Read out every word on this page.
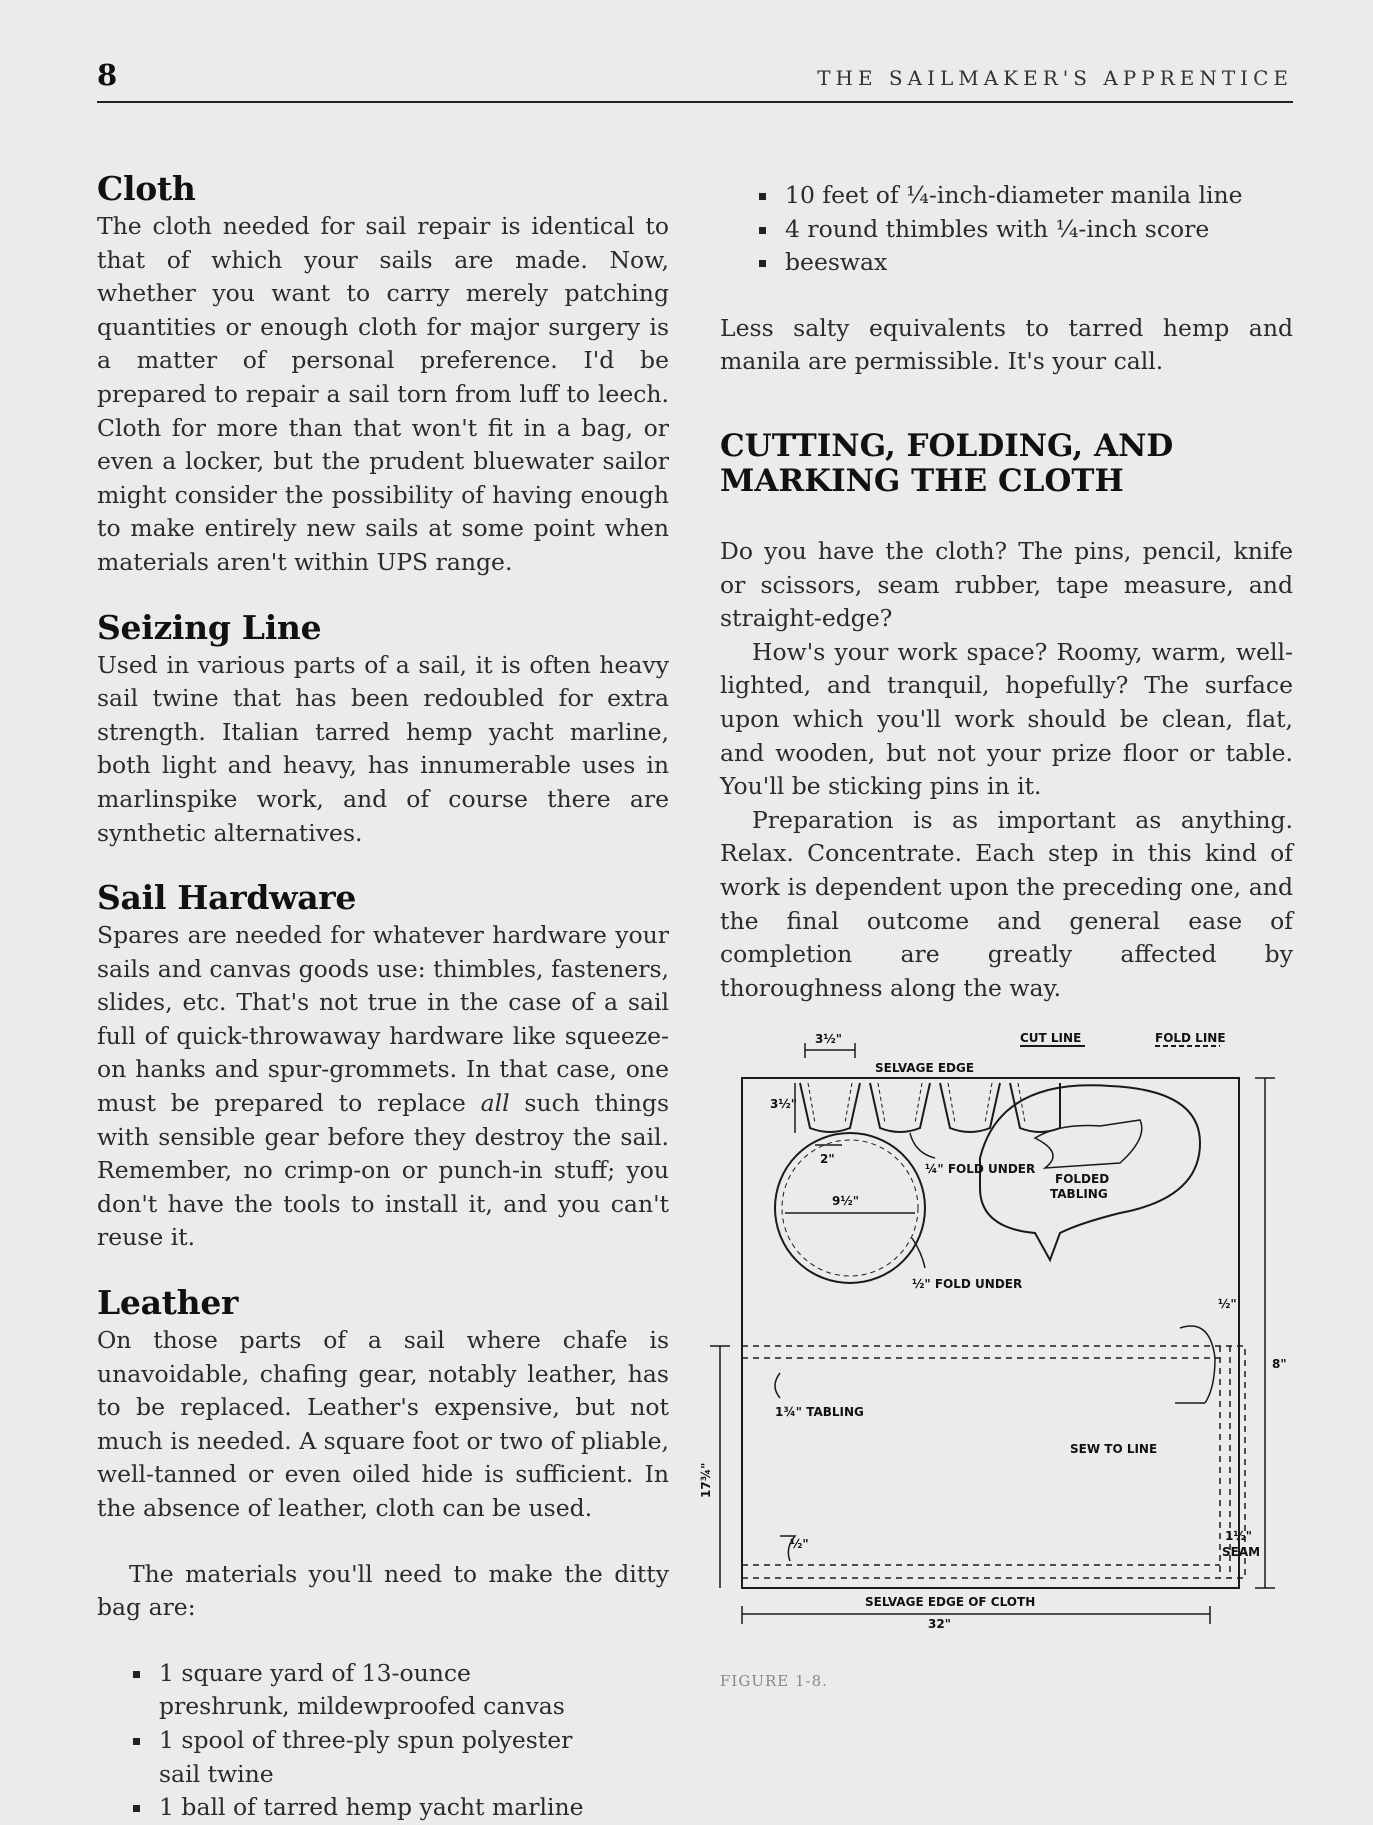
8	THE SAILMAKER'S APPRENTICE
Cloth

The cloth needed for sail repair is identical to that of which your sails are made. Now, whether you want to carry merely patching quantities or enough cloth for major surgery is a matter of personal preference. I'd be prepared to repair a sail torn from luff to leech. Cloth for more than that won't fit in a bag, or even a locker, but the prudent bluewater sailor might consider the possibility of having enough to make entirely new sails at some point when materials aren't within UPS range.

Seizing Line

Used in various parts of a sail, it is often heavy sail twine that has been redoubled for extra strength. Italian tarred hemp yacht marline, both light and heavy, has innumerable uses in marlinspike work, and of course there are synthetic alternatives.

Sail Hardware

Spares are needed for whatever hardware your sails and canvas goods use: thimbles, fasteners, slides, etc. That's not true in the case of a sail full of quick-throwaway hardware like squeeze-on hanks and spur-grommets. In that case, one must be prepared to replace all such things with sensible gear before they destroy the sail. Remember, no crimp-on or punch-in stuff; you don't have the tools to install it, and you can't reuse it.

Leather

On those parts of a sail where chafe is unavoidable, chafing gear, notably leather, has to be replaced. Leather's expensive, but not much is needed. A square foot or two of pliable, well-tanned or even oiled hide is sufficient. In the absence of leather, cloth can be used.

The materials you'll need to make the ditty bag are:

1 square yard of 13-ounce preshrunk, mildewproofed canvas
1 spool of three-ply spun polyester sail twine
1 ball of tarred hemp yacht marline
10 feet of ¼-inch-diameter manila line
4 round thimbles with ¼-inch score
beeswax

Less salty equivalents to tarred hemp and manila are permissible. It's your call.

CUTTING, FOLDING, AND
MARKING THE CLOTH

Do you have the cloth? The pins, pencil, knife or scissors, seam rubber, tape measure, and straight-edge?

How's your work space? Roomy, warm, well-lighted, and tranquil, hopefully? The surface upon which you'll work should be clean, flat, and wooden, but not your prize floor or table. You'll be sticking pins in it.

Preparation is as important as anything. Relax. Concentrate. Each step in this kind of work is dependent upon the preceding one, and the final outcome and general ease of completion are greatly affected by thoroughness along the way.

CUT LINE	FOLD LINE
SELVAGE EDGE
3½"
3½"
2"
¼" FOLD UNDER
9½"
FOLDED
TABLING
½" FOLD UNDER
½"
8"
1¾" TABLING
SEW TO LINE
17¾"
½"
1½"
SEAM
SELVAGE EDGE OF CLOTH
32"
FIGURE 1-8.
